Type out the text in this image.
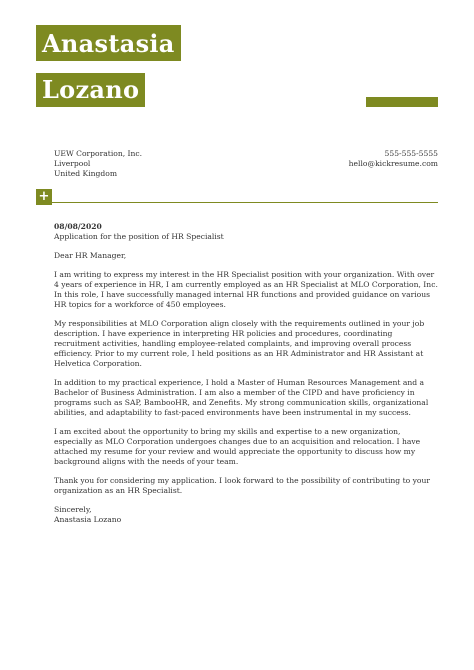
Anastasia
Lozano
UEW Corporation, Inc.
Liverpool
United Kingdom
555-555-5555
hello@kickresume.com
+

08/08/2020

Application for the position of HR Specialist

Dear HR Manager,

I am writing to express my interest in the HR Specialist position with your organization. With over 4 years of experience in HR, I am currently employed as an HR Specialist at MLO Corporation, Inc. In this role, I have successfully managed internal HR functions and provided guidance on various HR topics for a workforce of 450 employees.

My responsibilities at MLO Corporation align closely with the requirements outlined in your job description. I have experience in interpreting HR policies and procedures, coordinating recruitment activities, handling employee-related complaints, and improving overall process efficiency. Prior to my current role, I held positions as an HR Administrator and HR Assistant at Helvetica Corporation.

In addition to my practical experience, I hold a Master of Human Resources Management and a Bachelor of Business Administration. I am also a member of the CIPD and have proficiency in programs such as SAP, BambooHR, and Zenefits. My strong communication skills, organizational abilities, and adaptability to fast-paced environments have been instrumental in my success.

I am excited about the opportunity to bring my skills and expertise to a new organization, especially as MLO Corporation undergoes changes due to an acquisition and relocation. I have attached my resume for your review and would appreciate the opportunity to discuss how my background aligns with the needs of your team.

Thank you for considering my application. I look forward to the possibility of contributing to your organization as an HR Specialist.

Sincerely,

Anastasia Lozano
